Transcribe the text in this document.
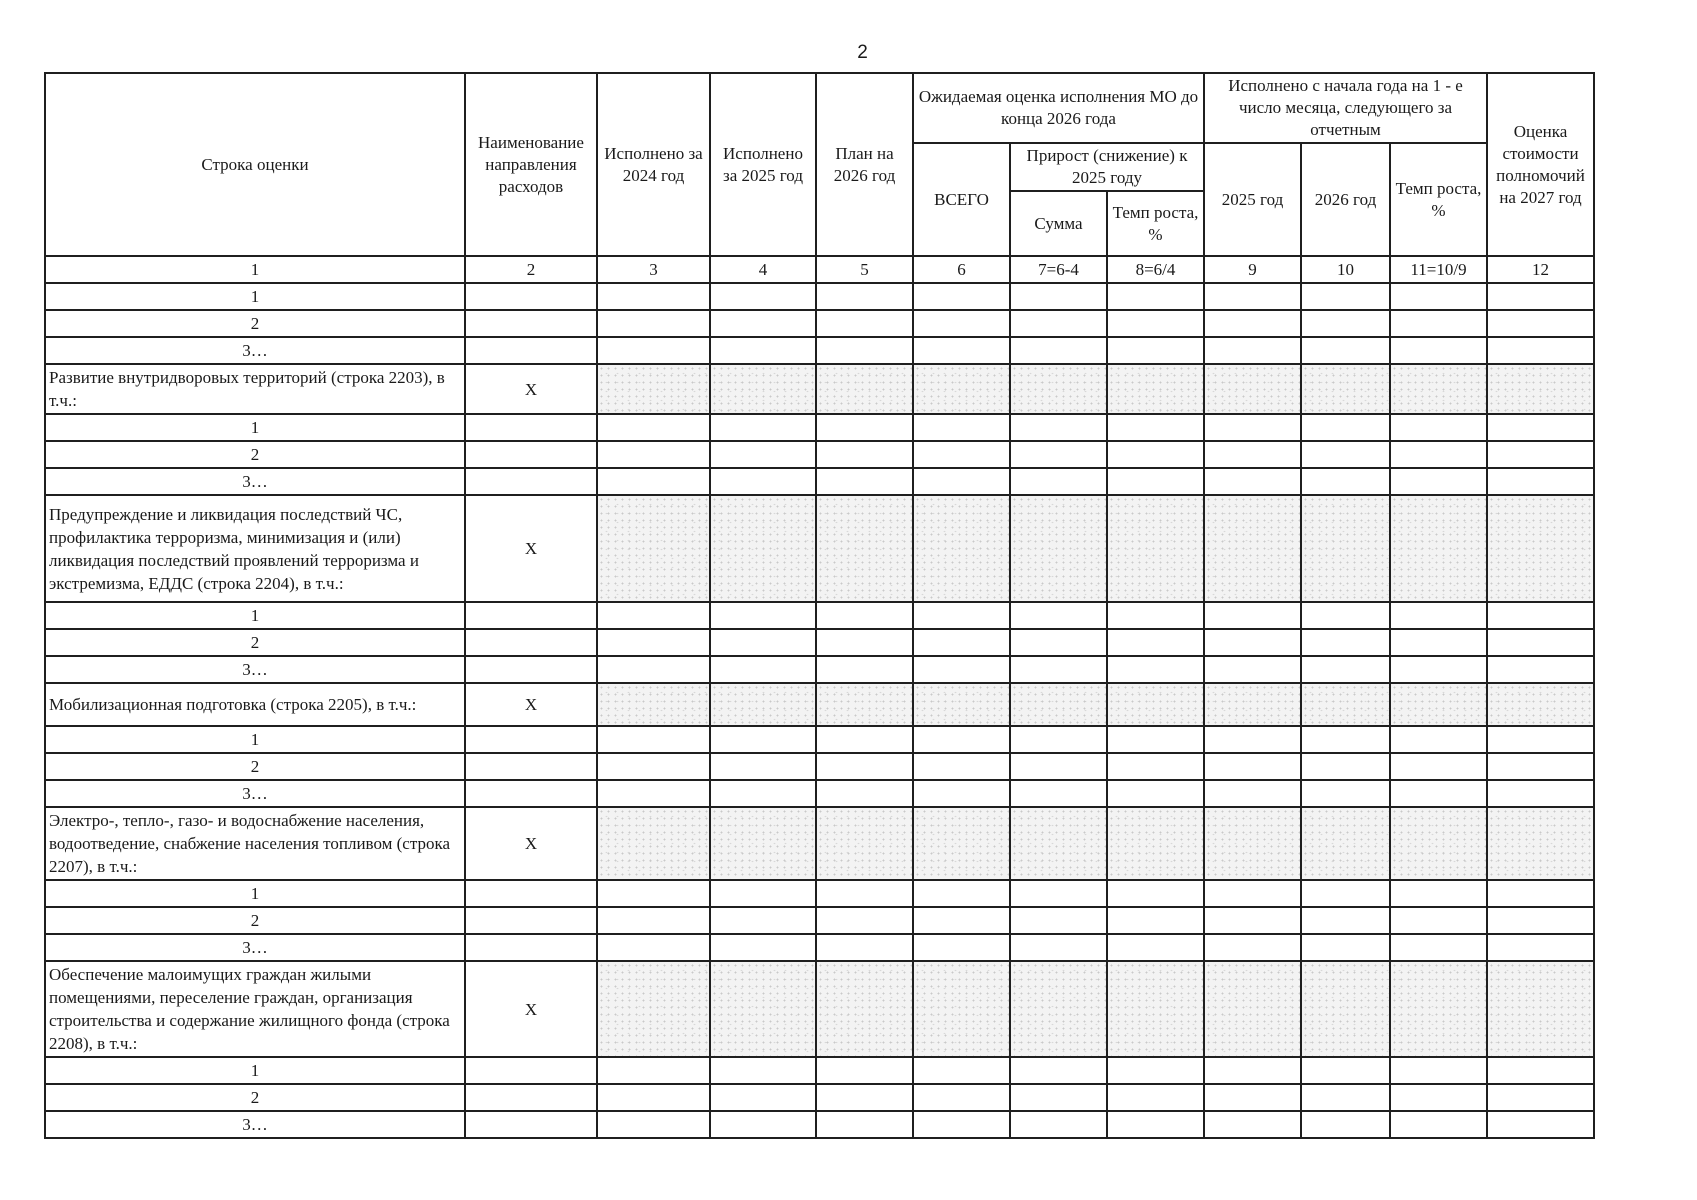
2
Строка оценки	Наименование направления расходов	Исполнено за 2024 год	Исполнено за 2025 год	План на 2026 год	Ожидаемая оценка исполнения МО до конца 2026 года			Исполнено с начала года на 1 - е число месяца, следующего за отчетным			Оценка стоимости полномочий на 2027 год
					ВСЕГО	Прирост (снижение) к 2025 году		2025 год	2026 год	Темп роста, %	
						Сумма	Темп роста, %				
1	2	3	4	5	6	7=6-4	8=6/4	9	10	11=10/9	12
1											
2											
3…											
Развитие внутридворовых территорий (строка 2203), в т.ч.:	X										
1											
2											
3…											
Предупреждение и ликвидация последствий ЧС, профилактика терроризма, минимизация и (или) ликвидация последствий проявлений терроризма и экстремизма, ЕДДС (строка 2204), в т.ч.:	X										
1											
2											
3…											
Мобилизационная подготовка (строка 2205), в т.ч.:	X										
1											
2											
3…											
Электро-, тепло-, газо- и водоснабжение населения, водоотведение, снабжение населения топливом (строка 2207), в т.ч.:	X										
1											
2											
3…											
Обеспечение малоимущих граждан жилыми помещениями, переселение граждан, организация строительства и содержание жилищного фонда (строка 2208), в т.ч.:	X										
1											
2											
3…											
